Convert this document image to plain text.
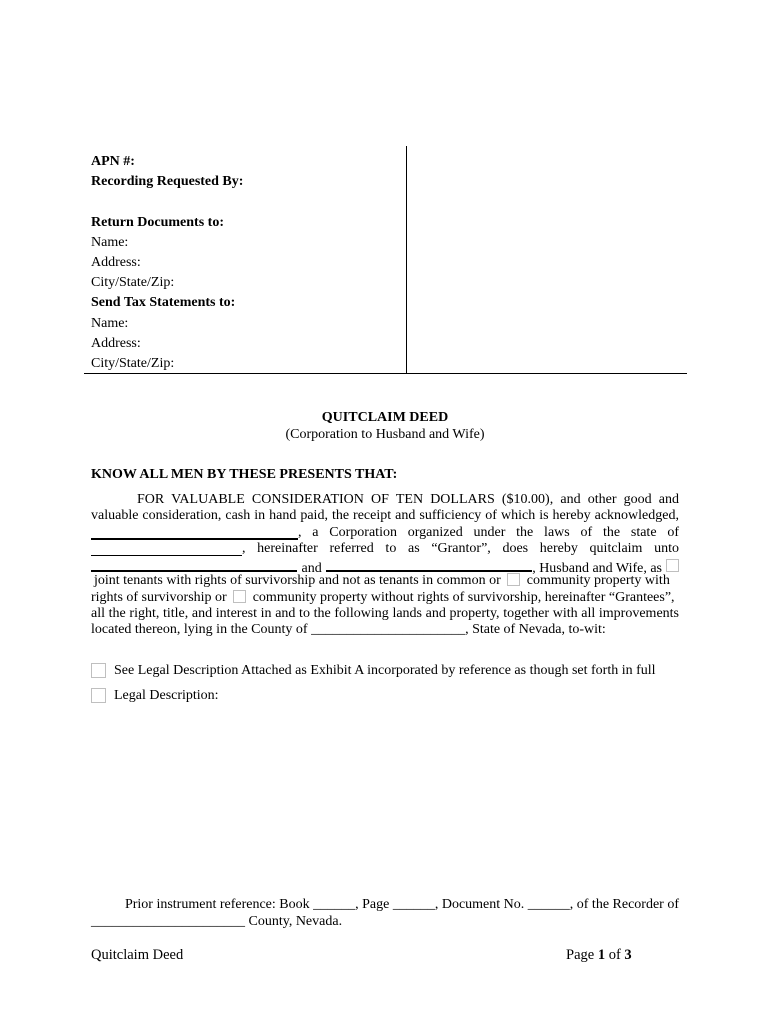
APN #:
Recording Requested By:
Return Documents to:
Name:
Address:
City/State/Zip:
Send Tax Statements to:
Name:
Address:
City/State/Zip:
QUITCLAIM DEED
(Corporation to Husband and Wife)
KNOW ALL MEN BY THESE PRESENTS THAT:
FOR VALUABLE CONSIDERATION OF TEN DOLLARS ($10.00), and other good and
valuable consideration, cash in hand paid, the receipt and sufficiency of which is hereby acknowledged,
, a Corporation organized under the laws of the state of
, hereinafter referred to as “Grantor”, does hereby quitclaim unto
and	, Husband and Wife, as
joint tenants with rights of survivorship and not as tenants in common or community property with
rights of survivorship or community property without rights of survivorship, hereinafter “Grantees”,
all the right, title, and interest in and to the following lands and property, together with all improvements
located thereon, lying in the County of ______________________, State of Nevada, to-wit:
See Legal Description Attached as Exhibit A incorporated by reference as though set forth in full
Legal Description:
Prior instrument reference: Book ______, Page ______, Document No. ______, of the Recorder of
______________________ County, Nevada.
Quitclaim Deed	Page 1 of 3
